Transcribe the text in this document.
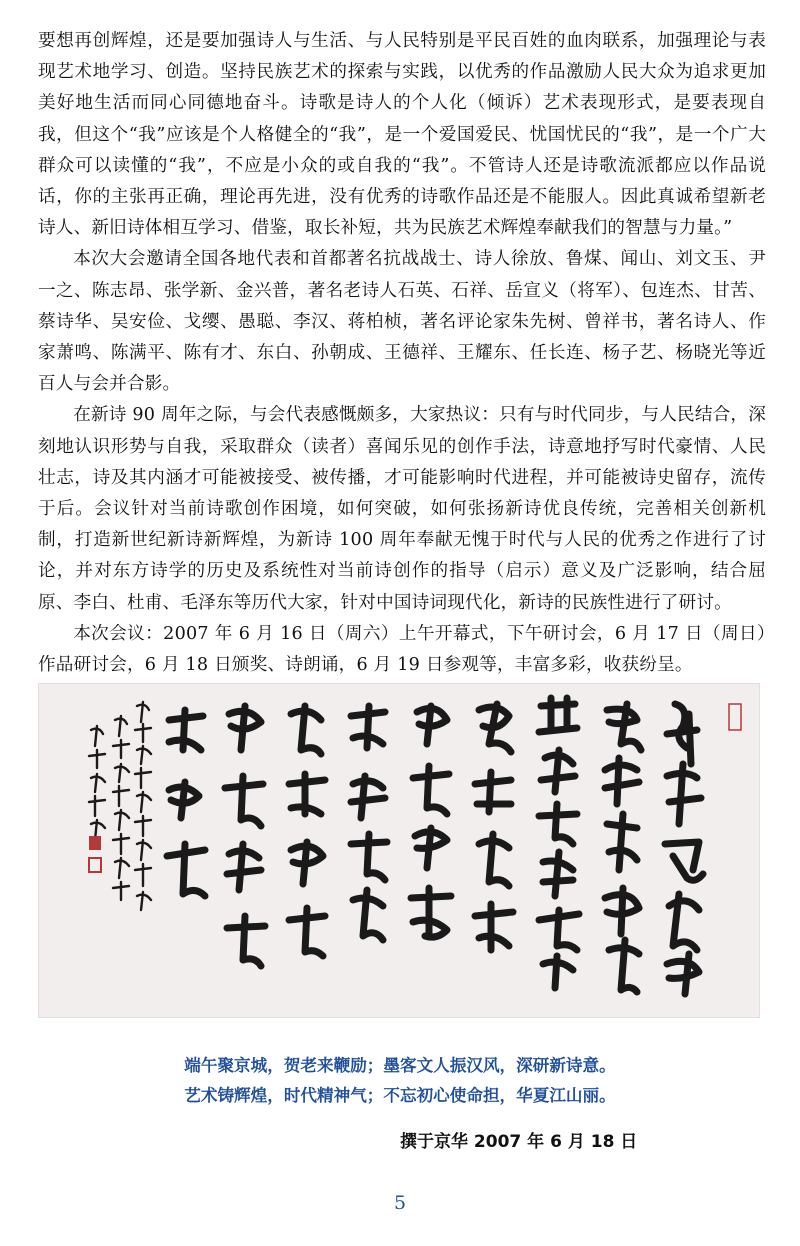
要想再创辉煌，还是要加强诗人与生活、与人民特别是平民百姓的血肉联系，加强理论与表现艺术地学习、创造。坚持民族艺术的探索与实践，以优秀的作品激励人民大众为追求更加美好地生活而同心同德地奋斗。诗歌是诗人的个人化（倾诉）艺术表现形式，是要表现自我，但这个“我”应该是个人格健全的“我”，是一个爱国爱民、忧国忧民的“我”，是一个广大群众可以读懂的“我”，不应是小众的或自我的“我”。不管诗人还是诗歌流派都应以作品说话，你的主张再正确，理论再先进，没有优秀的诗歌作品还是不能服人。因此真诚希望新老诗人、新旧诗体相互学习、借鉴，取长补短，共为民族艺术辉煌奉献我们的智慧与力量。”

本次大会邀请全国各地代表和首都著名抗战战士、诗人徐放、鲁煤、闻山、刘文玉、尹一之、陈志昂、张学新、金兴普，著名老诗人石英、石祥、岳宣义（将军）、包连杰、甘苦、蔡诗华、吴安俭、戈缨、愚聪、李汉、蒋柏桢，著名评论家朱先树、曾祥书，著名诗人、作家萧鸣、陈满平、陈有才、东白、孙朝成、王德祥、王耀东、任长连、杨子艺、杨晓光等近百人与会并合影。

在新诗 90 周年之际，与会代表感慨颇多，大家热议：只有与时代同步，与人民结合，深刻地认识形势与自我，采取群众（读者）喜闻乐见的创作手法，诗意地抒写时代豪情、人民壮志，诗及其内涵才可能被接受、被传播，才可能影响时代进程，并可能被诗史留存，流传于后。会议针对当前诗歌创作困境，如何突破，如何张扬新诗优良传统，完善相关创新机制，打造新世纪新诗新辉煌，为新诗 100 周年奉献无愧于时代与人民的优秀之作进行了讨论，并对东方诗学的历史及系统性对当前诗创作的指导（启示）意义及广泛影响，结合屈原、李白、杜甫、毛泽东等历代大家，针对中国诗词现代化，新诗的民族性进行了研讨。

本次会议：2007 年 6 月 16 日（周六）上午开幕式，下午研讨会，6 月 17 日（周日）作品研讨会，6 月 18 日颁奖、诗朗诵，6 月 19 日参观等，丰富多彩，收获纷呈。

端午聚京城，贺老来鞭励；墨客文人振汉风，深研新诗意。
艺术铸辉煌，时代精神气；不忘初心使命担，华夏江山丽。
撰于京华 2007 年 6 月 18 日
5
